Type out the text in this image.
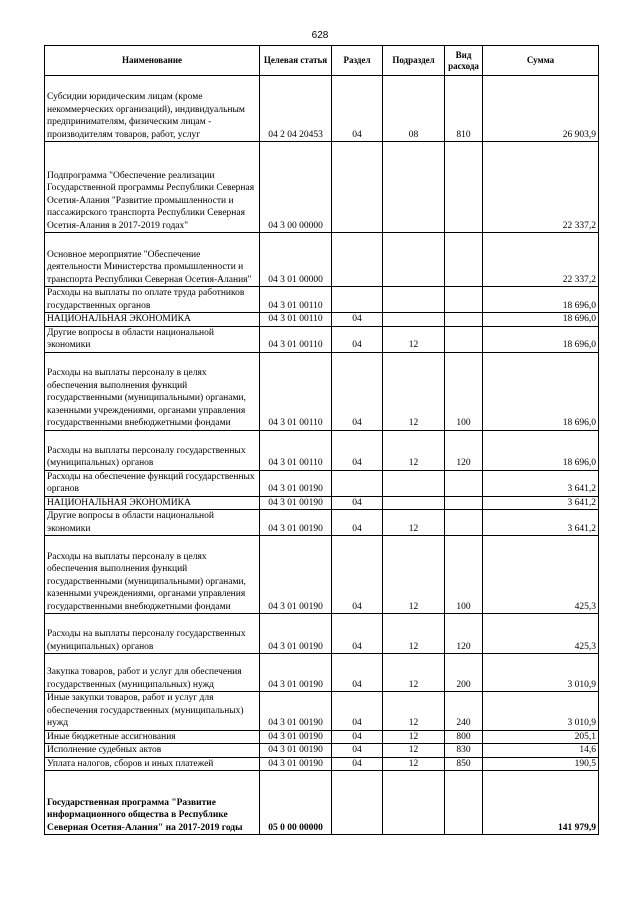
628
Наименование	Целевая статья	Раздел	Подраздел	Вид расхода	Сумма
Субсидии юридическим лицам (кроме некоммерческих организаций), индивидуальным предпринимателям, физическим лицам - производителям товаров, работ, услуг	04 2 04 20453	04	08	810	26 903,9
Подпрограмма "Обеспечение реализации Государственной программы Республики Северная Осетия-Алания "Развитие промышленности и пассажирского транспорта Республики Северная Осетия-Алания в 2017-2019 годах"	04 3 00 00000				22 337,2
Основное мероприятие "Обеспечение деятельности Министерства промышленности и транспорта Республики Северная Осетия-Алания"	04 3 01 00000				22 337,2
Расходы на выплаты по оплате труда работников государственных органов	04 3 01 00110				18 696,0
НАЦИОНАЛЬНАЯ ЭКОНОМИКА	04 3 01 00110	04			18 696,0
Другие вопросы в области национальной экономики	04 3 01 00110	04	12		18 696,0
Расходы на выплаты персоналу в целях обеспечения выполнения функций государственными (муниципальными) органами, казенными учреждениями, органами управления государственными внебюджетными фондами	04 3 01 00110	04	12	100	18 696,0
Расходы на выплаты персоналу государственных (муниципальных) органов	04 3 01 00110	04	12	120	18 696,0
Расходы на обеспечение функций государственных органов	04 3 01 00190				3 641,2
НАЦИОНАЛЬНАЯ ЭКОНОМИКА	04 3 01 00190	04			3 641,2
Другие вопросы в области национальной экономики	04 3 01 00190	04	12		3 641,2
Расходы на выплаты персоналу в целях обеспечения выполнения функций государственными (муниципальными) органами, казенными учреждениями, органами управления государственными внебюджетными фондами	04 3 01 00190	04	12	100	425,3
Расходы на выплаты персоналу государственных (муниципальных) органов	04 3 01 00190	04	12	120	425,3
Закупка товаров, работ и услуг для обеспечения государственных (муниципальных) нужд	04 3 01 00190	04	12	200	3 010,9
Иные закупки товаров, работ и услуг для обеспечения государственных (муниципальных) нужд	04 3 01 00190	04	12	240	3 010,9
Иные бюджетные ассигнования	04 3 01 00190	04	12	800	205,1
Исполнение судебных актов	04 3 01 00190	04	12	830	14,6
Уплата налогов, сборов и иных платежей	04 3 01 00190	04	12	850	190,5
Государственная программа "Развитие информационного общества в Республике Северная Осетия-Алания" на 2017-2019 годы	05 0 00 00000				141 979,9
